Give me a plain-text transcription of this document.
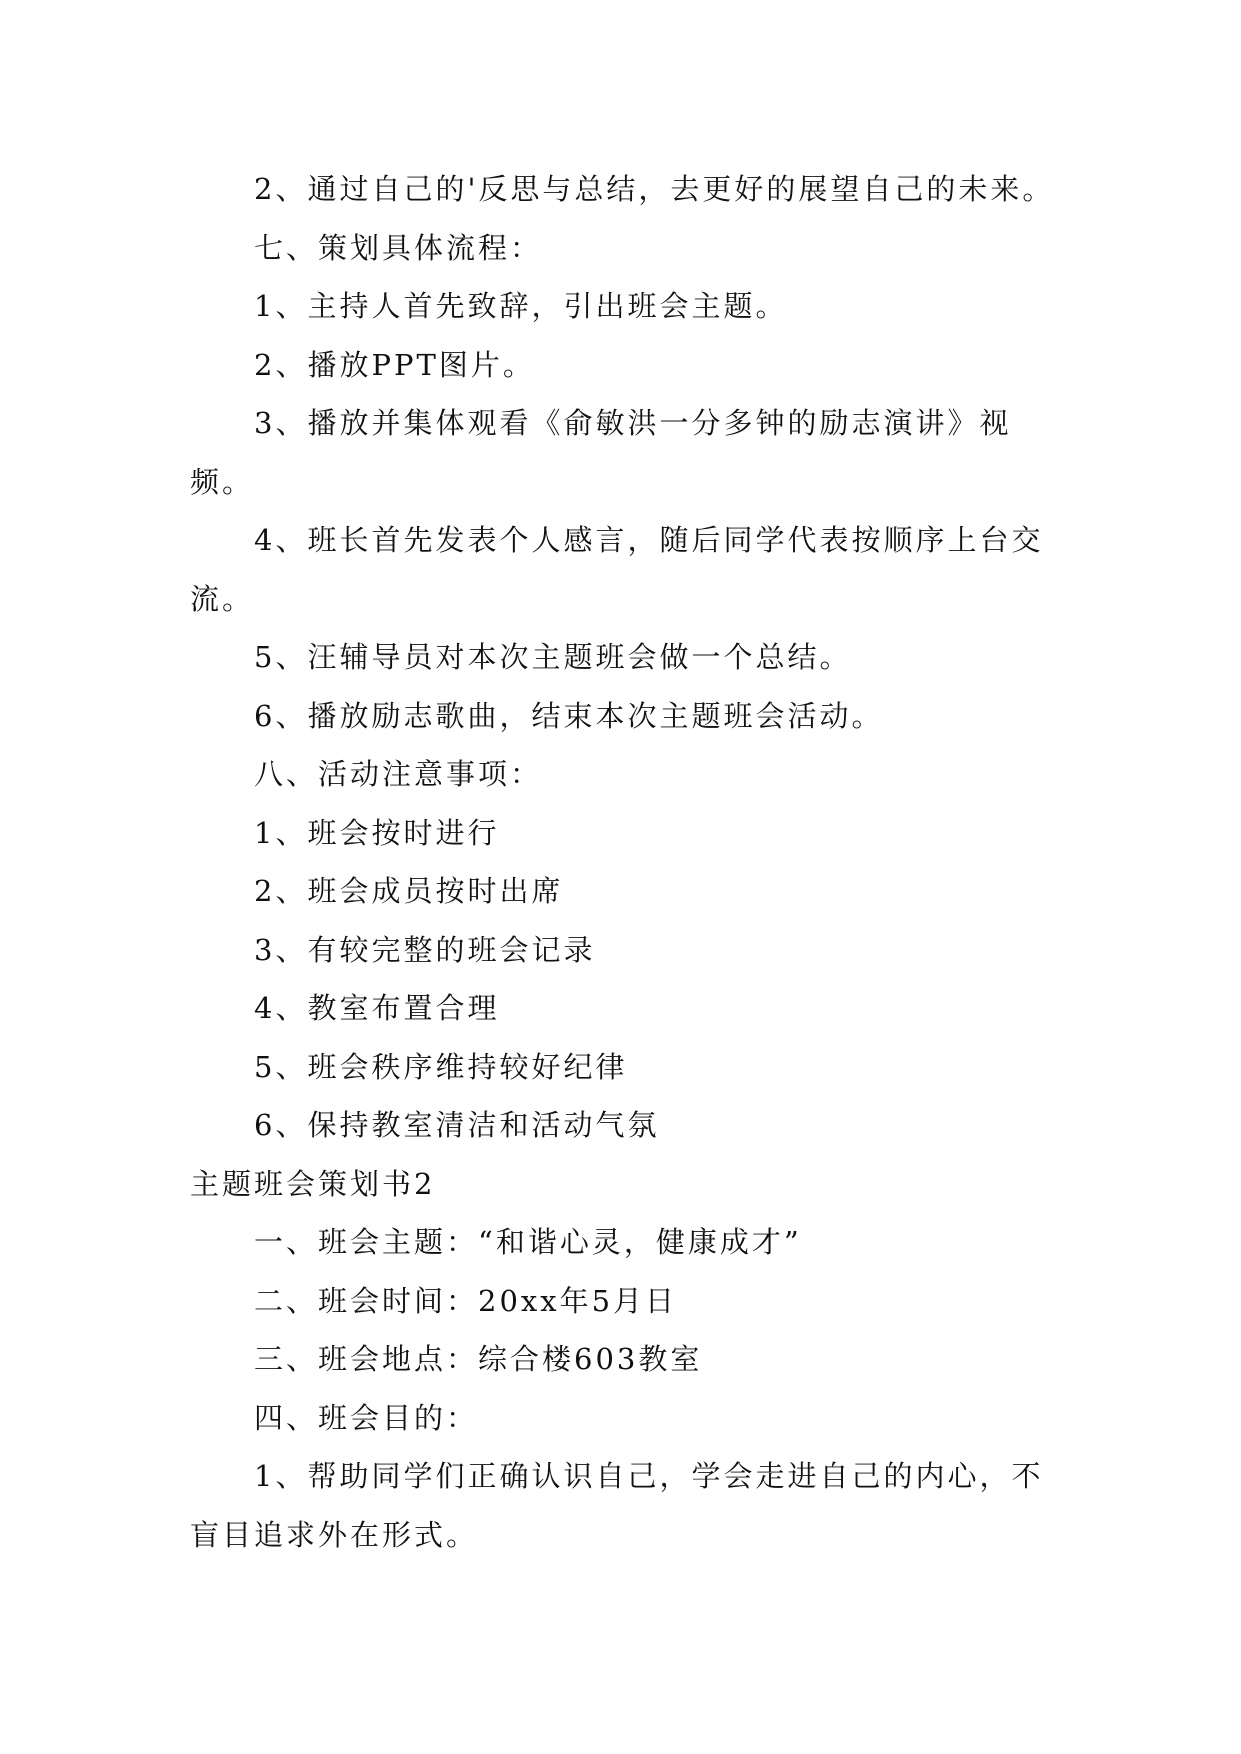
2、通过自己的'反思与总结，去更好的展望自己的未来。

七、策划具体流程：

1、主持人首先致辞，引出班会主题。

2、播放PPT图片。

3、播放并集体观看《俞敏洪一分多钟的励志演讲》视频。

4、班长首先发表个人感言，随后同学代表按顺序上台交流。

5、汪辅导员对本次主题班会做一个总结。

6、播放励志歌曲，结束本次主题班会活动。

八、活动注意事项：

1、班会按时进行

2、班会成员按时出席

3、有较完整的班会记录

4、教室布置合理

5、班会秩序维持较好纪律

6、保持教室清洁和活动气氛

主题班会策划书2

一、班会主题：“和谐心灵，健康成才”

二、班会时间：20xx年5月日

三、班会地点：综合楼603教室

四、班会目的：

1、帮助同学们正确认识自己，学会走进自己的内心，不盲目追求外在形式。
